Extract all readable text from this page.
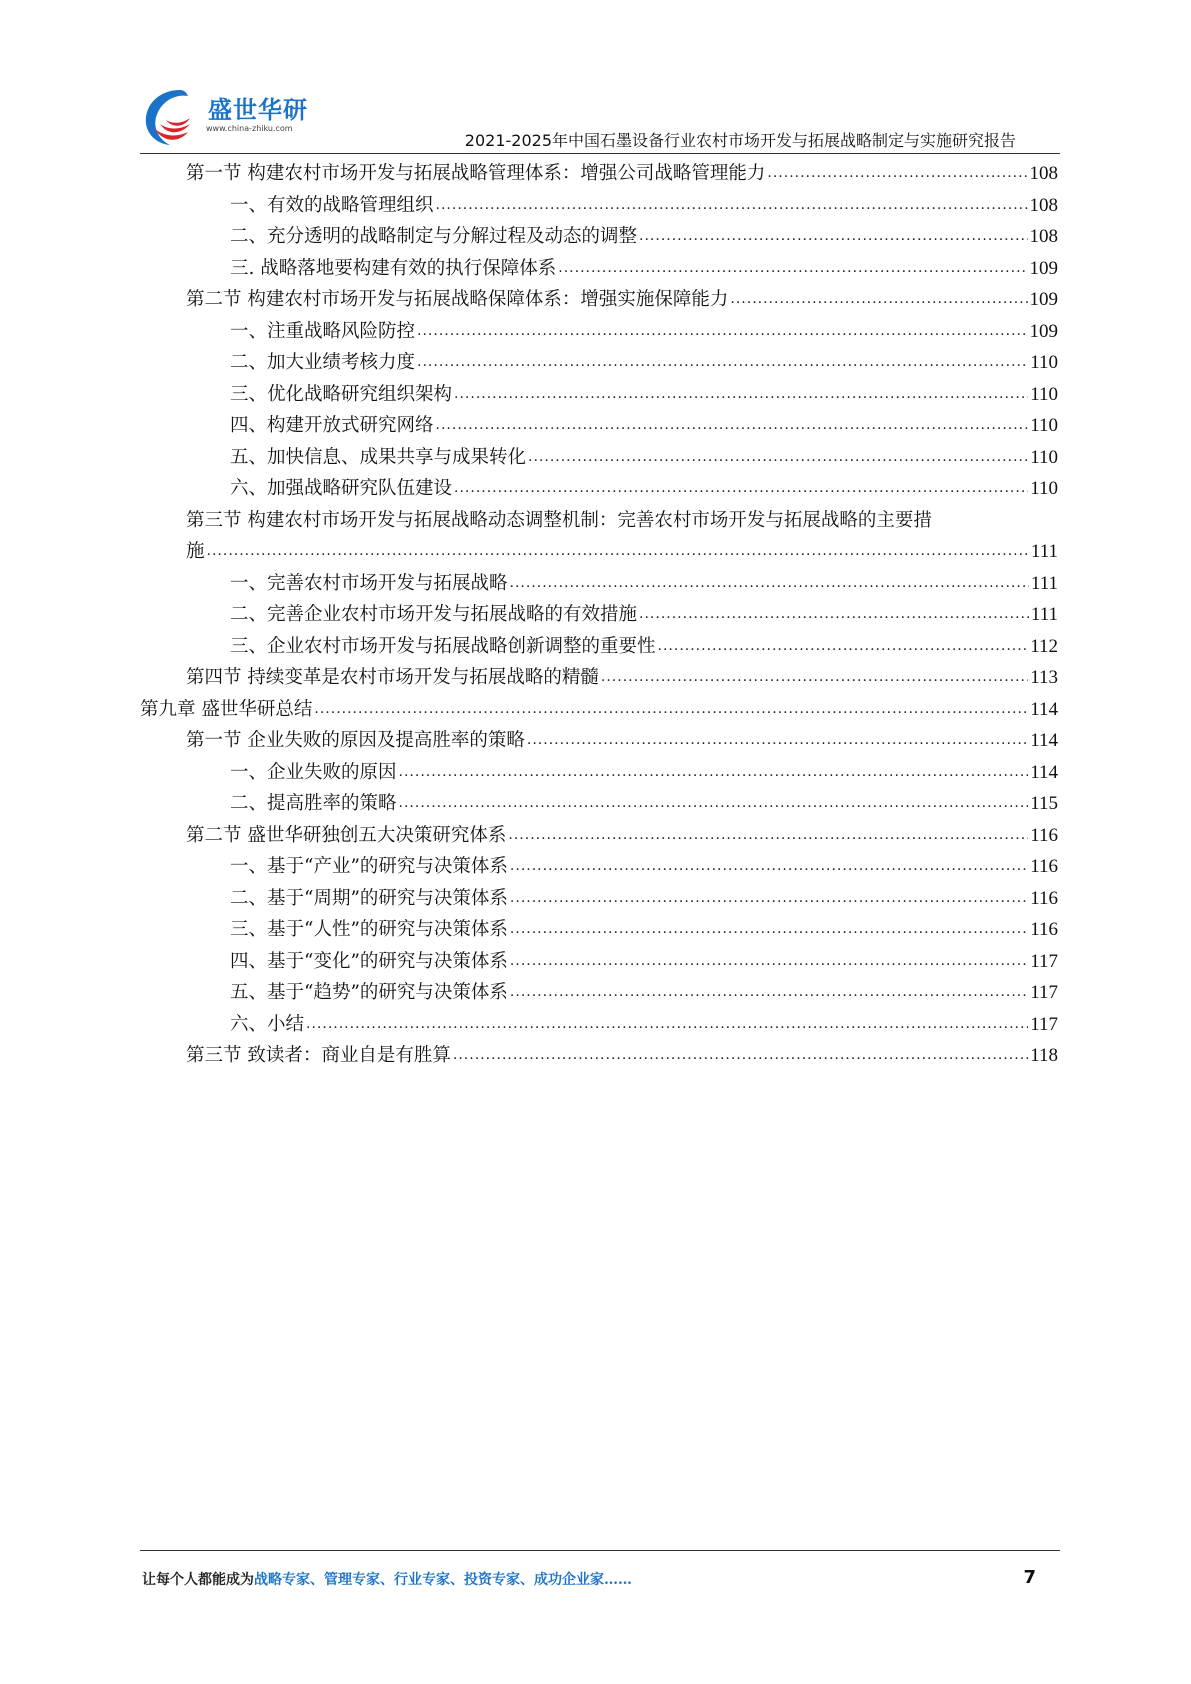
盛世华研
www.china-zhiku.com
2021-2025年中国石墨设备行业农村市场开发与拓展战略制定与实施研究报告
第一节 构建农村市场开发与拓展战略管理体系：增强公司战略管理能力 .....	108
一、有效的战略管理组织 .....	108
二、充分透明的战略制定与分解过程及动态的调整 .....	108
三. 战略落地要构建有效的执行保障体系 .....	109
第二节 构建农村市场开发与拓展战略保障体系：增强实施保障能力 .....	109
一、注重战略风险防控 .....	109
二、加大业绩考核力度 .....	110
三、优化战略研究组织架构 .....	110
四、构建开放式研究网络 .....	110
五、加快信息、成果共享与成果转化 .....	110
六、加强战略研究队伍建设 .....	110
第三节 构建农村市场开发与拓展战略动态调整机制：完善农村市场开发与拓展战略的主要措
施 .....	111
一、完善农村市场开发与拓展战略 .....	111
二、完善企业农村市场开发与拓展战略的有效措施 .....	111
三、企业农村市场开发与拓展战略创新调整的重要性 .....	112
第四节 持续变革是农村市场开发与拓展战略的精髓 .....	113
第九章 盛世华研总结 .....	114
第一节 企业失败的原因及提高胜率的策略 .....	114
一、企业失败的原因 .....	114
二、提高胜率的策略 .....	115
第二节 盛世华研独创五大决策研究体系 .....	116
一、基于“产业”的研究与决策体系 .....	116
二、基于“周期”的研究与决策体系 .....	116
三、基于“人性”的研究与决策体系 .....	116
四、基于“变化”的研究与决策体系 .....	117
五、基于“趋势”的研究与决策体系 .....	117
六、小结 .....	117
第三节 致读者：商业自是有胜算 .....	118
让每个人都能成为战略专家、管理专家、行业专家、投资专家、成功企业家……	7
